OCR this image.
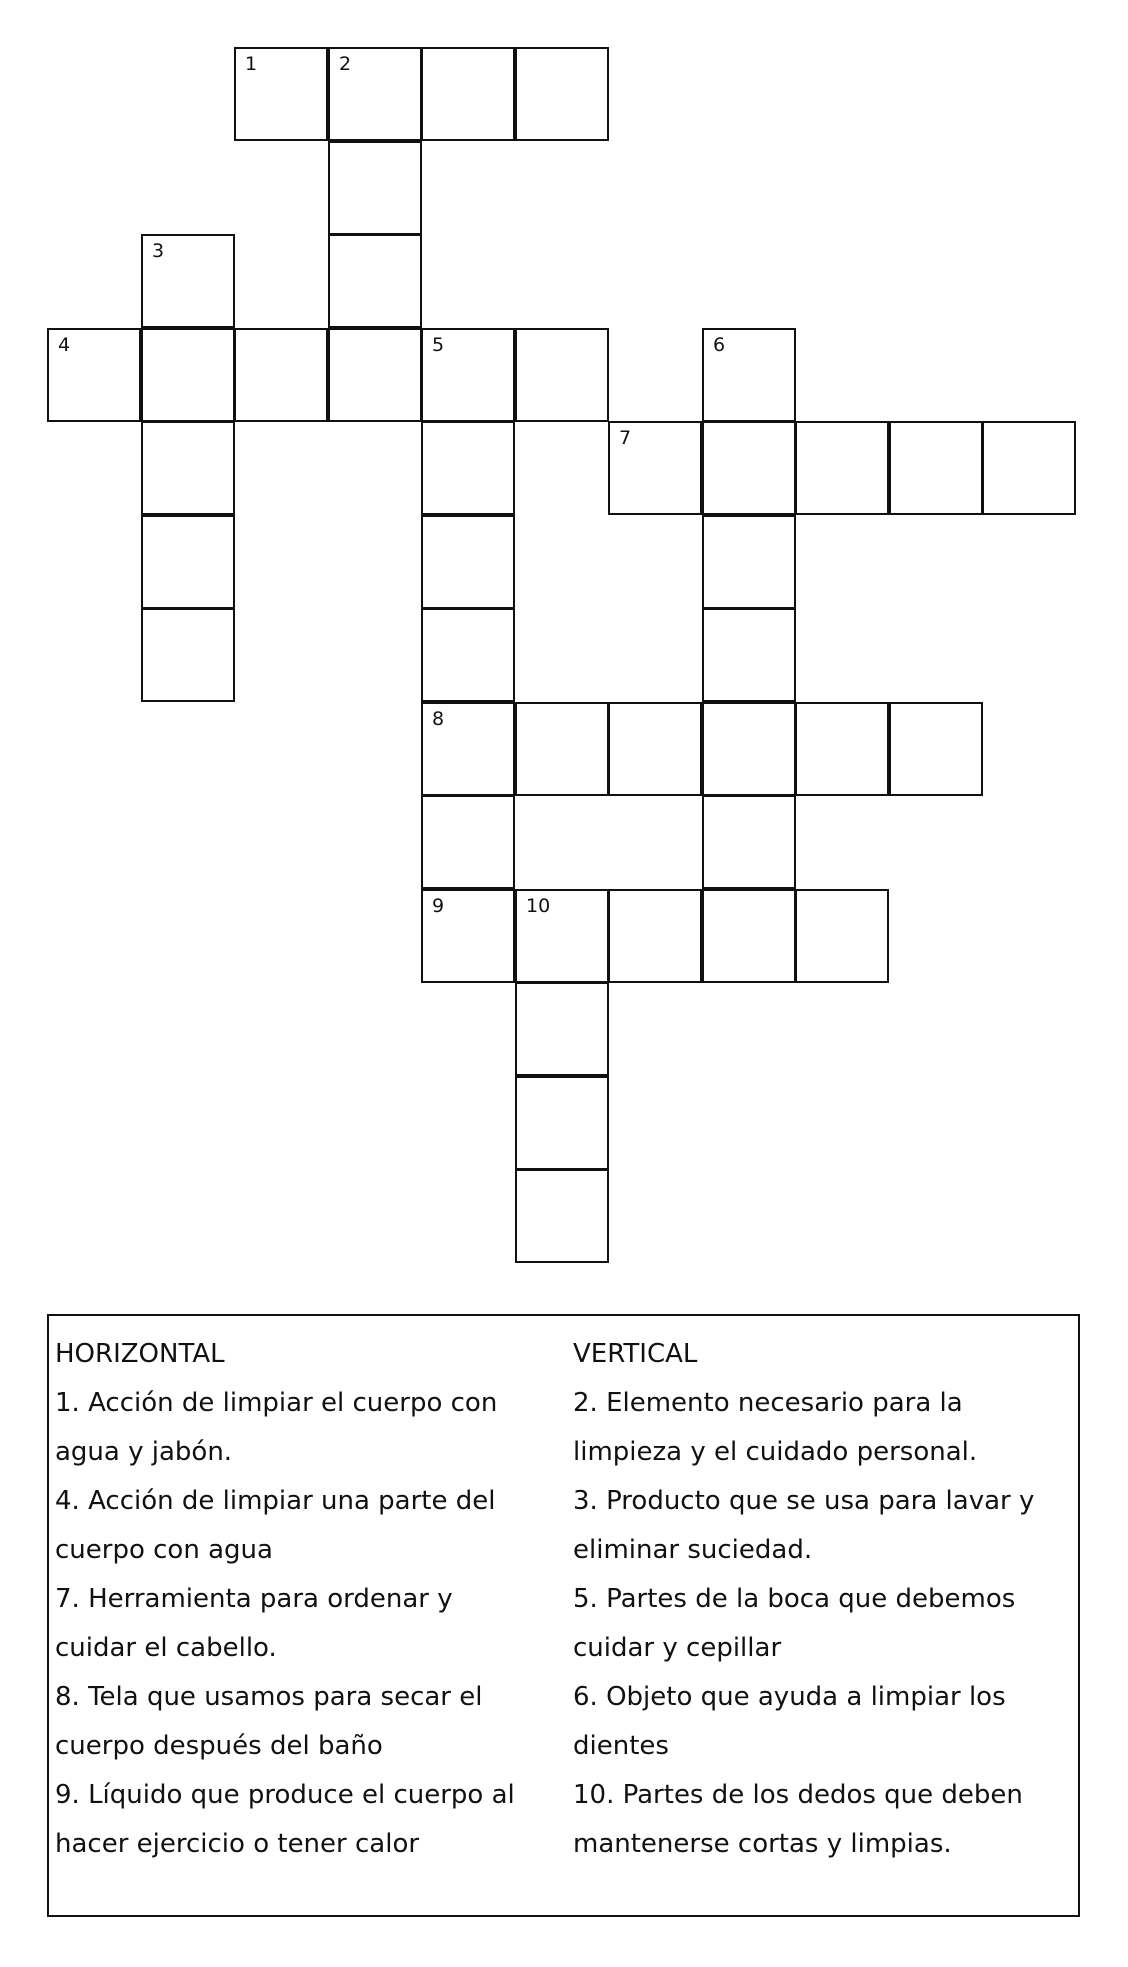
1	2
3
4	5	6
7
8
9	10
HORIZONTAL
1. Acción de limpiar el cuerpo con
agua y jabón.
4. Acción de limpiar una parte del
cuerpo con agua
7. Herramienta para ordenar y
cuidar el cabello.
8. Tela que usamos para secar el
cuerpo después del baño
9. Líquido que produce el cuerpo al
hacer ejercicio o tener calor
VERTICAL
2. Elemento necesario para la
limpieza y el cuidado personal.
3. Producto que se usa para lavar y
eliminar suciedad.
5. Partes de la boca que debemos
cuidar y cepillar
6. Objeto que ayuda a limpiar los
dientes
10. Partes de los dedos que deben
mantenerse cortas y limpias.
